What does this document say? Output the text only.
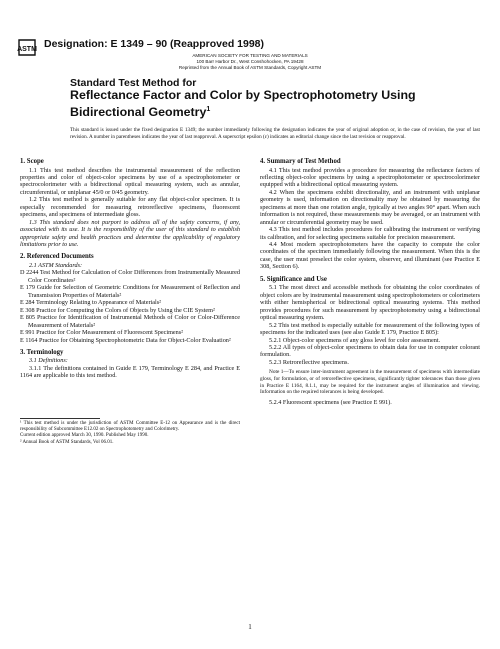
ASTM Designation: E 1349 – 90 (Reapproved 1998)
AMERICAN SOCIETY FOR TESTING AND MATERIALS
100 Barr Harbor Dr., West Conshohocken, PA 19428
Reprinted from the Annual Book of ASTM Standards, Copyright ASTM
Standard Test Method for
Reflectance Factor and Color by Spectrophotometry Using
Bidirectional Geometry$^1$
This standard is issued under the fixed designation E 1349; the number immediately following the designation indicates the year of original adoption or, in the case of revision, the year of last revision. A number in parentheses indicates the year of last reapproval. A superscript epsilon (ε) indicates an editorial change since the last revision or reapproval.
1. Scope

1.1 This test method describes the instrumental measurement of the reflection properties and color of object-color specimens by use of a spectrophotometer or spectrocolorimeter with a bidirectional optical measuring system, such as annular, circumferential, or uniplanar 45/0 or 0/45 geometry.

1.2 This test method is generally suitable for any flat object-color specimen. It is especially recommended for measuring retroreflective specimens, fluorescent specimens, and specimens of intermediate gloss.

1.3 This standard does not purport to address all of the safety concerns, if any, associated with its use. It is the responsibility of the user of this standard to establish appropriate safety and health practices and determine the applicability of regulatory limitations prior to use.

2. Referenced Documents

2.1 ASTM Standards:

D 2244 Test Method for Calculation of Color Differences from Instrumentally Measured Color Coordinates²

E 179 Guide for Selection of Geometric Conditions for Measurement of Reflection and Transmission Properties of Materials²

E 284 Terminology Relating to Appearance of Materials²

E 308 Practice for Computing the Colors of Objects by Using the CIE System²

E 805 Practice for Identification of Instrumental Methods of Color or Color-Difference Measurement of Materials²

E 991 Practice for Color Measurement of Fluorescent Specimens²

E 1164 Practice for Obtaining Spectrophotometric Data for Object-Color Evaluation²

3. Terminology

3.1 Definitions:

3.1.1 The definitions contained in Guide E 179, Terminology E 284, and Practice E 1164 are applicable to this test method.

¹ This test method is under the jurisdiction of ASTM Committee E-12 on Appearance and is the direct responsibility of Subcommittee E12.02 on Spectrophotometry and Colorimetry.

Current edition approved March 30, 1990. Published May 1990.

² Annual Book of ASTM Standards, Vol 06.01.

4. Summary of Test Method

4.1 This test method provides a procedure for measuring the reflectance factors of reflecting object-color specimens by using a spectrophotometer or spectrocolorimeter equipped with a bidirectional optical measuring system.

4.2 When the specimens exhibit directionality, and an instrument with uniplanar geometry is used, information on directionality may be obtained by measuring the specimens at more than one rotation angle, typically at two angles 90° apart. When such information is not required, these measurements may be averaged, or an instrument with annular or circumferential geometry may be used.

4.3 This test method includes procedures for calibrating the instrument or verifying its calibration, and for selecting specimens suitable for precision measurement.

4.4 Most modern spectrophotometers have the capacity to compute the color coordinates of the specimen immediately following the measurement. When this is the case, the user must preselect the color system, observer, and illuminant (see Practice E 308, Section 6).

5. Significance and Use

5.1 The most direct and accessible methods for obtaining the color coordinates of object colors are by instrumental measurement using spectrophotometers or colorimeters with either hemispherical or bidirectional optical measuring systems. This method provides procedures for such measurement by spectrophotometry using a bidirectional optical measuring system.

5.2 This test method is especially suitable for measurement of the following types of specimens for the indicated uses (see also Guide E 179, Practice E 805):

5.2.1 Object-color specimens of any gloss level for color assessment.

5.2.2 All types of object-color specimens to obtain data for use in computer colorant formulation.

5.2.3 Retroreflective specimens.

Note 1—To ensure inter-instrument agreement in the measurement of specimens with intermediate gloss, for formulation, or of retroreflective specimens, significantly tighter tolerances than those given in Practice E 1164, 8.1.1, may be required for the instrument angles of illumination and viewing. Information on the required tolerances is being developed.

5.2.4 Fluorescent specimens (see Practice E 991).

1
